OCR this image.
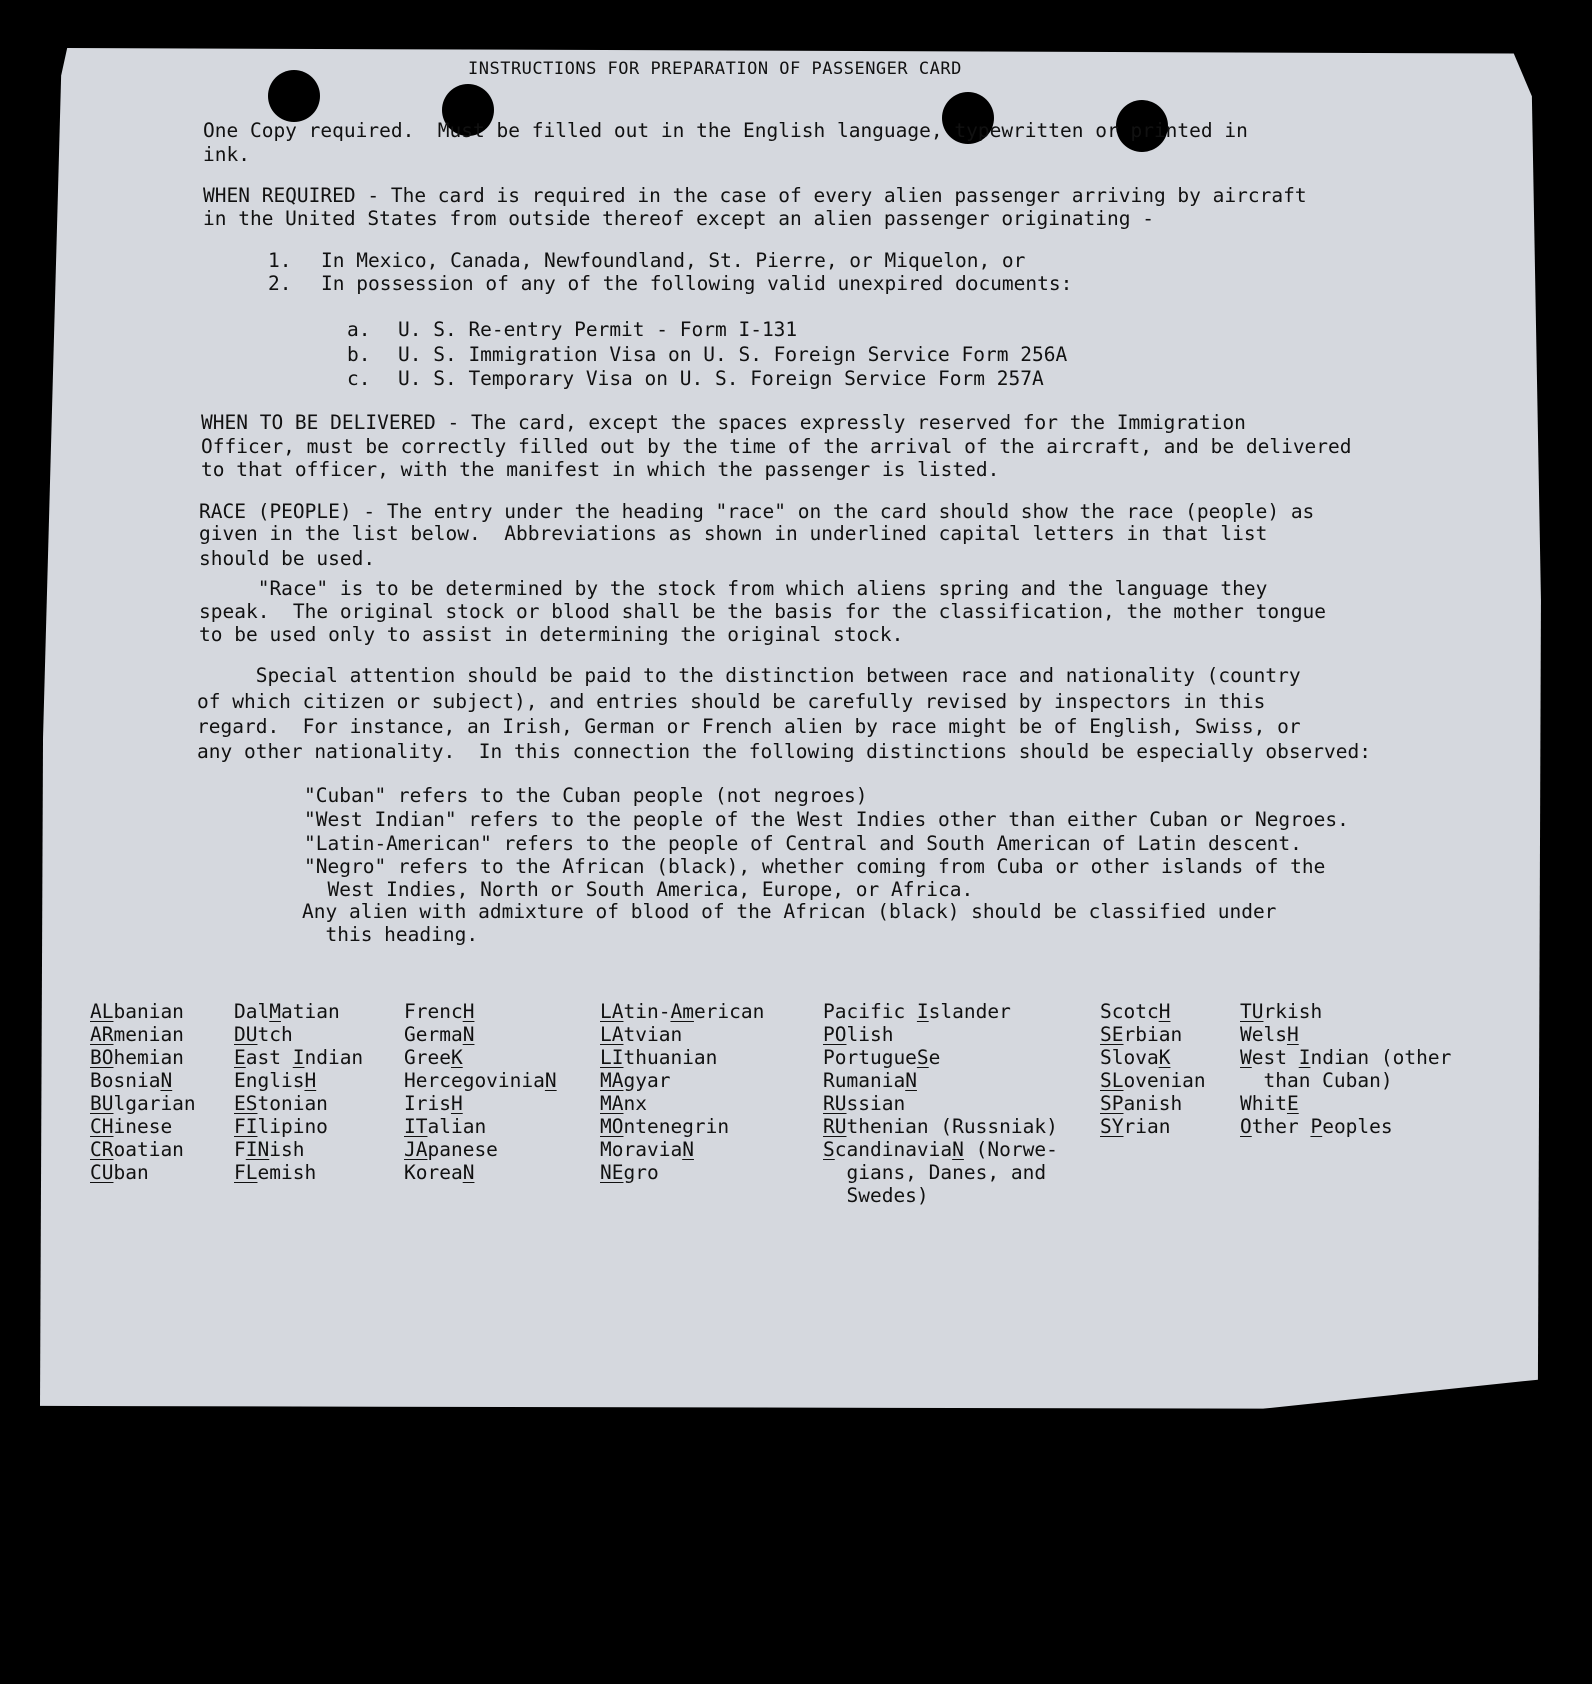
INSTRUCTIONS FOR PREPARATION OF PASSENGER CARD
One Copy required.  Must be filled out in the English language, typewritten or printed in
ink.
WHEN REQUIRED - The card is required in the case of every alien passenger arriving by aircraft
in the United States from outside thereof except an alien passenger originating -
1. In Mexico, Canada, Newfoundland, St. Pierre, or Miquelon, or
2. In possession of any of the following valid unexpired documents:
a. U. S. Re-entry Permit - Form I-131
b. U. S. Immigration Visa on U. S. Foreign Service Form 256A
c. U. S. Temporary Visa on U. S. Foreign Service Form 257A
WHEN TO BE DELIVERED - The card, except the spaces expressly reserved for the Immigration
Officer, must be correctly filled out by the time of the arrival of the aircraft, and be delivered
to that officer, with the manifest in which the passenger is listed.
RACE (PEOPLE) - The entry under the heading "race" on the card should show the race (people) as
given in the list below.  Abbreviations as shown in underlined capital letters in that list
should be used.
"Race" is to be determined by the stock from which aliens spring and the language they
speak.  The original stock or blood shall be the basis for the classification, the mother tongue
to be used only to assist in determining the original stock.
Special attention should be paid to the distinction between race and nationality (country
of which citizen or subject), and entries should be carefully revised by inspectors in this
regard.  For instance, an Irish, German or French alien by race might be of English, Swiss, or
any other nationality.  In this connection the following distinctions should be especially observed:
"Cuban" refers to the Cuban people (not negroes)
"West Indian" refers to the people of the West Indies other than either Cuban or Negroes.
"Latin-American" refers to the people of Central and South American of Latin descent.
"Negro" refers to the African (black), whether coming from Cuba or other islands of the
West Indies, North or South America, Europe, or Africa.
Any alien with admixture of blood of the African (black) should be classified under
this heading.
ALbanian
ARmenian
BOhemian
BosniaN
BUlgarian
CHinese
CRoatian
CUban
DalMatian
DUtch
East Indian
EnglisH
EStonian
FIlipino
FINish
FLemish
FrencH
GermaN
GreeK
HercegoviniaN
IrisH
ITalian
JApanese
KoreaN
LAtin-American
LAtvian
LIthuanian
MAgyar
MAnx
MOntenegrin
MoraviaN
NEgro
Pacific Islander
POlish
PortugueSe
RumaniaN
RUssian
RUthenian (Russniak)
ScandinaviaN (Norwe-
gians, Danes, and
Swedes)
ScotcH
SErbian
SlovaK
SLovenian
SPanish
SYrian
TUrkish
WelsH
West Indian (other
than Cuban)
WhitE
Other Peoples
